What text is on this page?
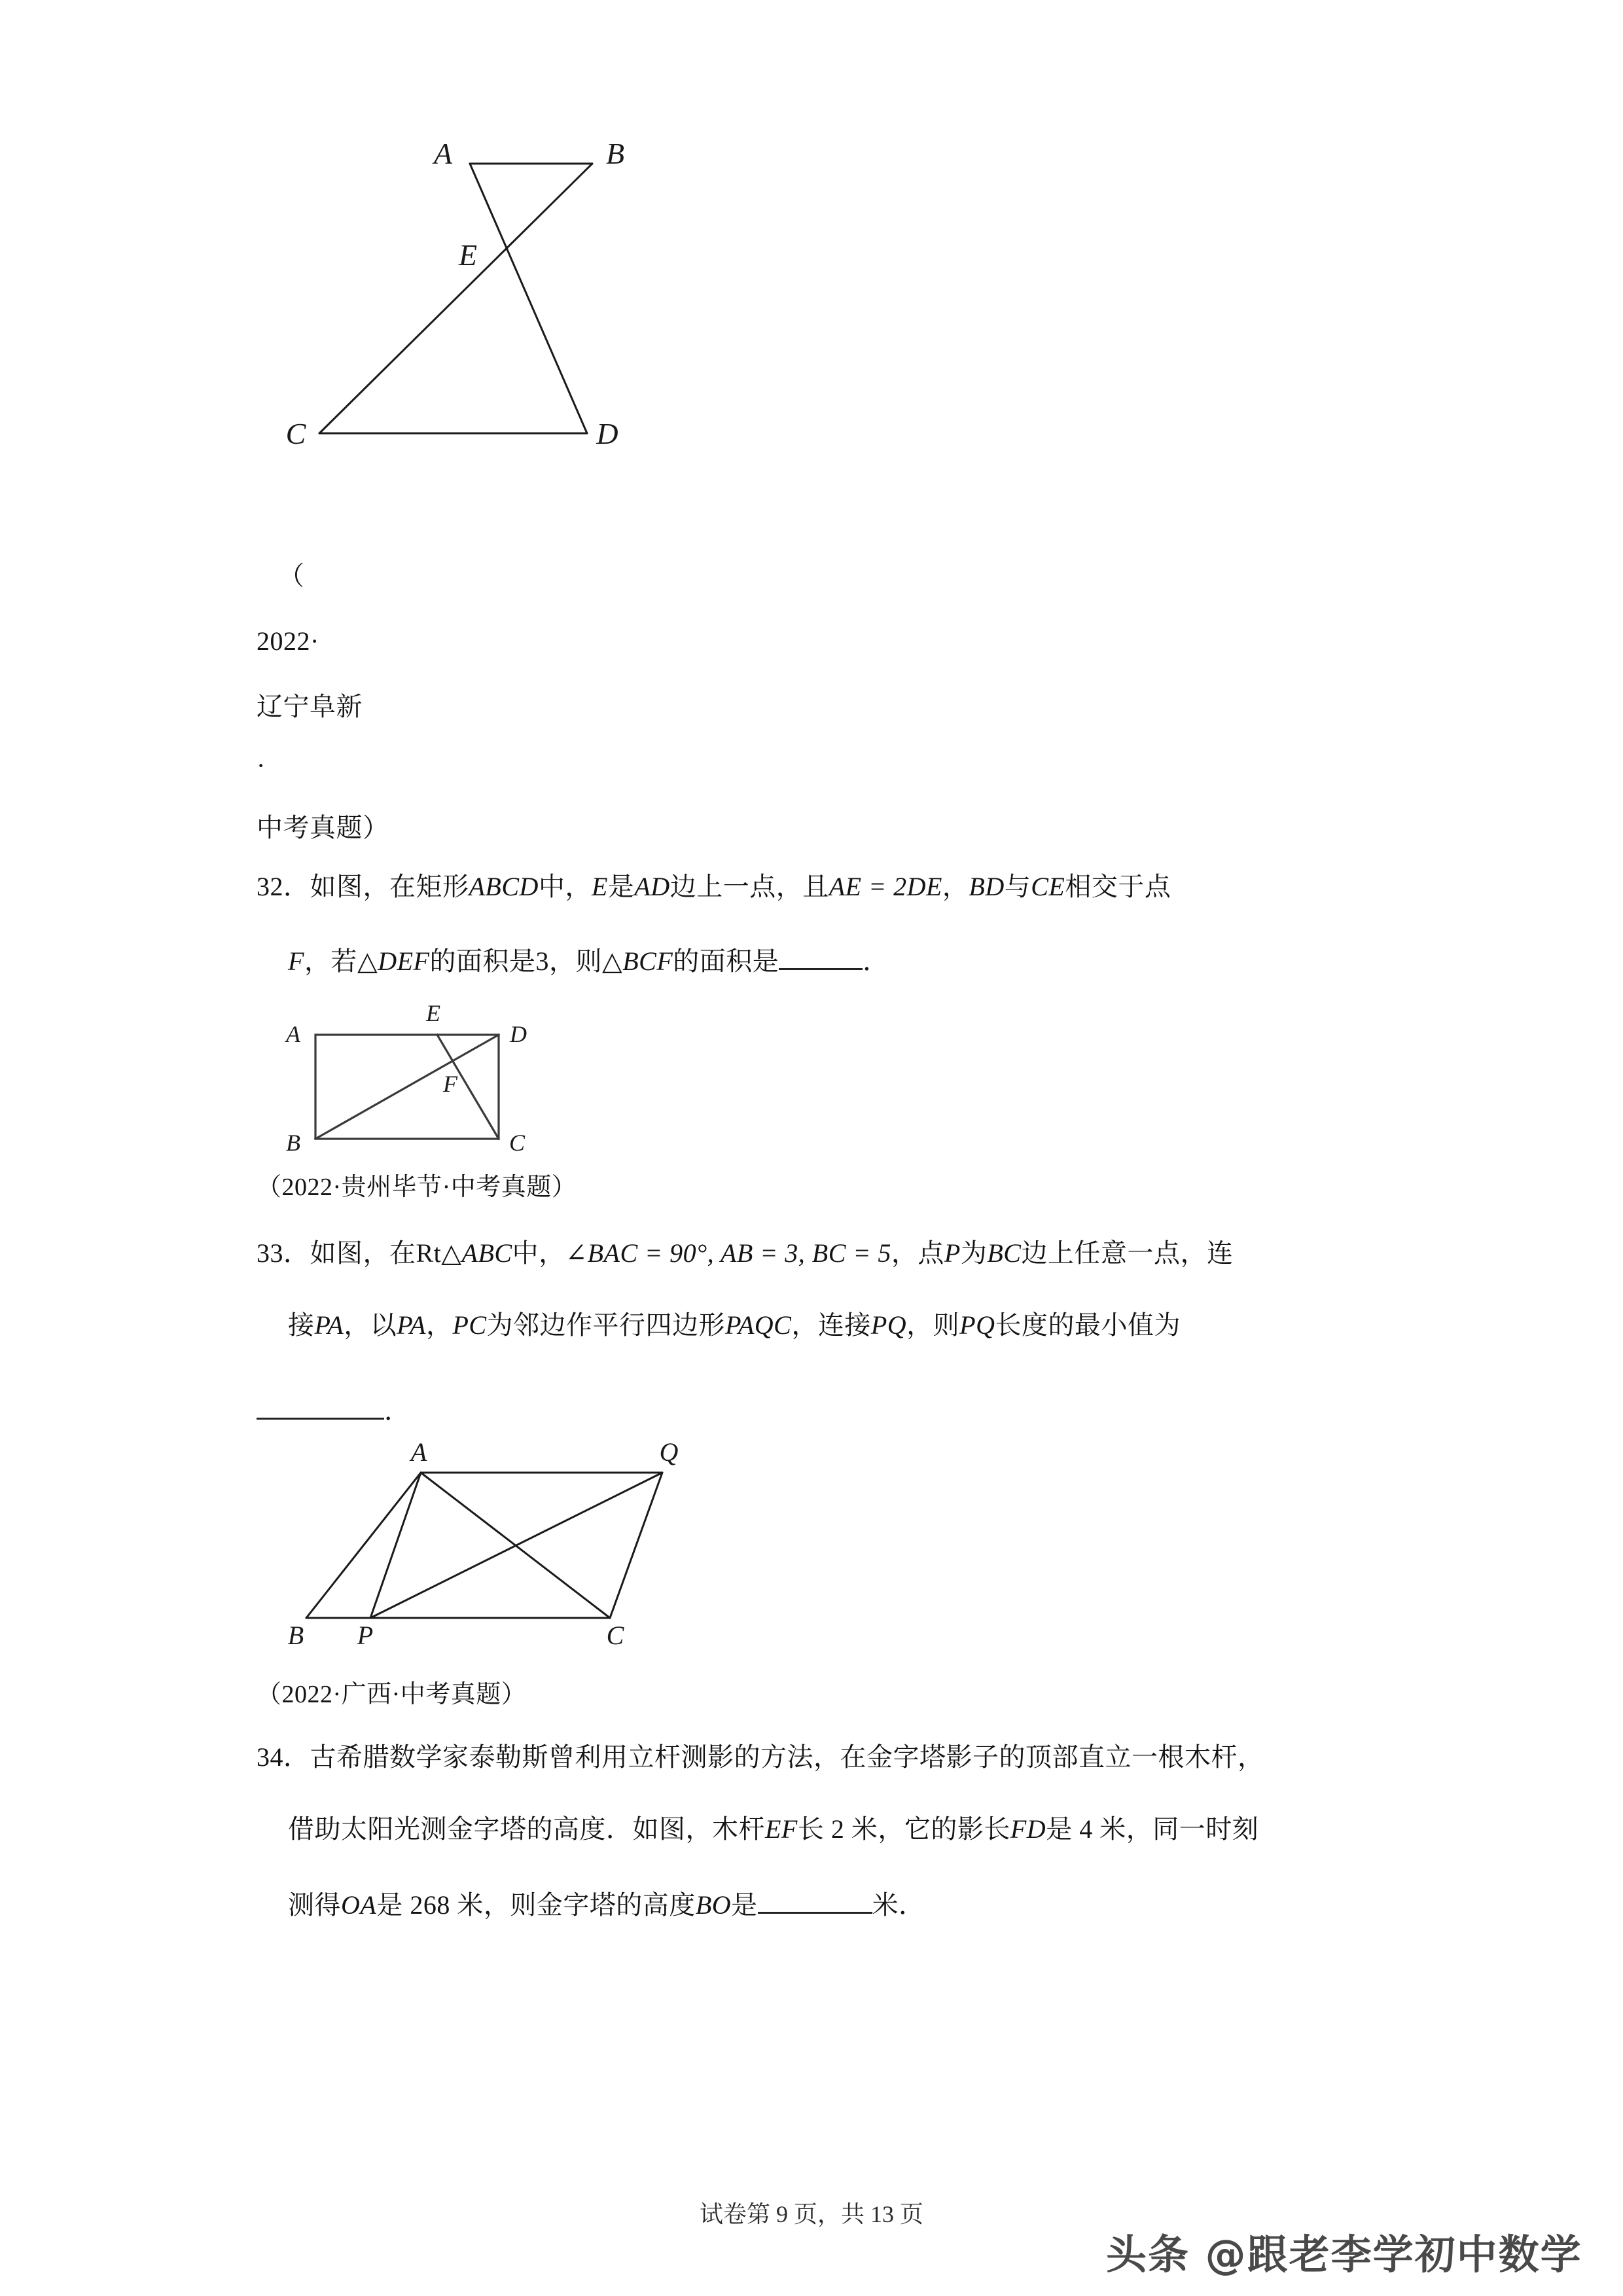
A	B
E
C	D
（
2022·
辽宁阜新
·
中考真题）
32．如图，在矩形ABCD中，E是AD边上一点，且AE = 2DE，BD与CE相交于点
F，若△DEF的面积是3，则△BCF的面积是	．
A
E
D
F
B	C
（2022·贵州毕节·中考真题）
33．如图，在Rt△ABC中，∠BAC = 90°, AB = 3, BC = 5，点P为BC边上任意一点，连
接PA，以PA，PC为邻边作平行四边形PAQC，连接PQ，则PQ长度的最小值为
．
A	Q
B P	C
（2022·广西·中考真题）
34．古希腊数学家泰勒斯曾利用立杆测影的方法，在金字塔影子的顶部直立一根木杆，
借助太阳光测金字塔的高度．如图，木杆EF长 2 米，它的影长FD是 4 米，同一时刻
测得OA是 268 米，则金字塔的高度BO是	米．
试卷第 9 页，共 13 页
头条 @跟老李学初中数学
